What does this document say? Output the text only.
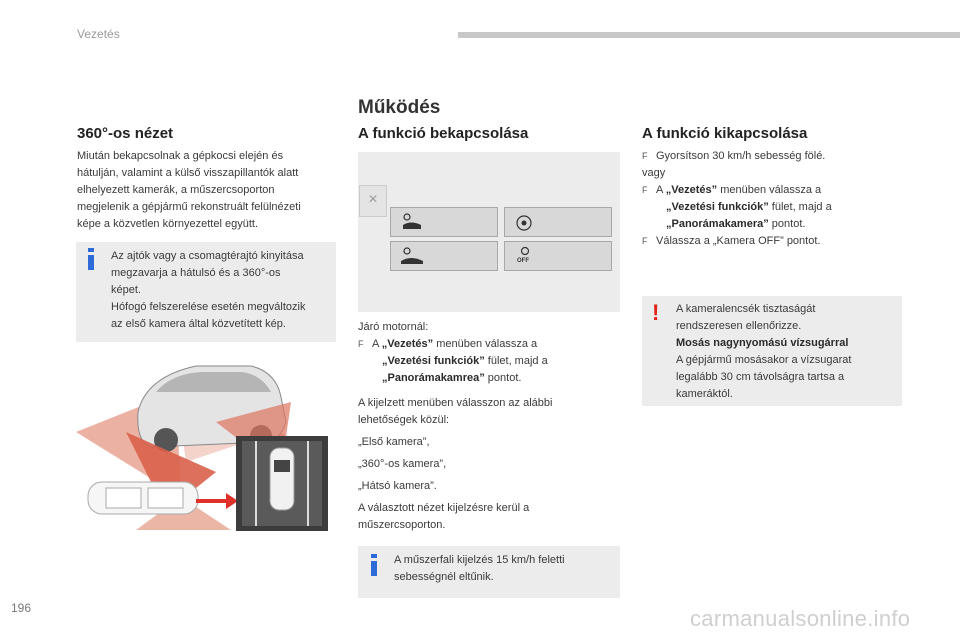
Vezetés
Működés
360°-os nézet
Miután bekapcsolnak a gépkocsi elején és
hátulján, valamint a külső visszapillantók alatt
elhelyezett kamerák, a műszercsoporton
megjelenik a gépjármű rekonstruált felülnézeti
képe a közvetlen környezettel együtt.
Az ajtók vagy a csomagtérajtó kinyitása
megzavarja a hátulsó és a 360°-os
képet.
Hófogó felszerelése esetén megváltozik
az első kamera által közvetített kép.
A funkció bekapcsolása
×
OFF
Járó motornál:
F A „Vezetés” menüben válassza a
„Vezetési funkciók” fület, majd a
„Panorámakamrea” pontot.
A kijelzett menüben válasszon az alábbi
lehetőségek közül:
„Első kamera”,
„360°-os kamera”,
„Hátsó kamera”.
A választott nézet kijelzésre kerül a
műszercsoporton.
A műszerfali kijelzés 15 km/h feletti
sebességnél eltűnik.
A funkció kikapcsolása
F Gyorsítson 30 km/h sebesség fölé.
vagy
F A „Vezetés” menüben válassza a
„Vezetési funkciók” fület, majd a
„Panorámakamera” pontot.
F Válassza a „Kamera OFF” pontot.
! A kameralencsék tisztaságát
rendszeresen ellenőrizze.
Mosás nagynyomású vízsugárral
A gépjármű mosásakor a vízsugarat
legalább 30 cm távolságra tartsa a
kameráktól.
196	carmanualsonline.info
